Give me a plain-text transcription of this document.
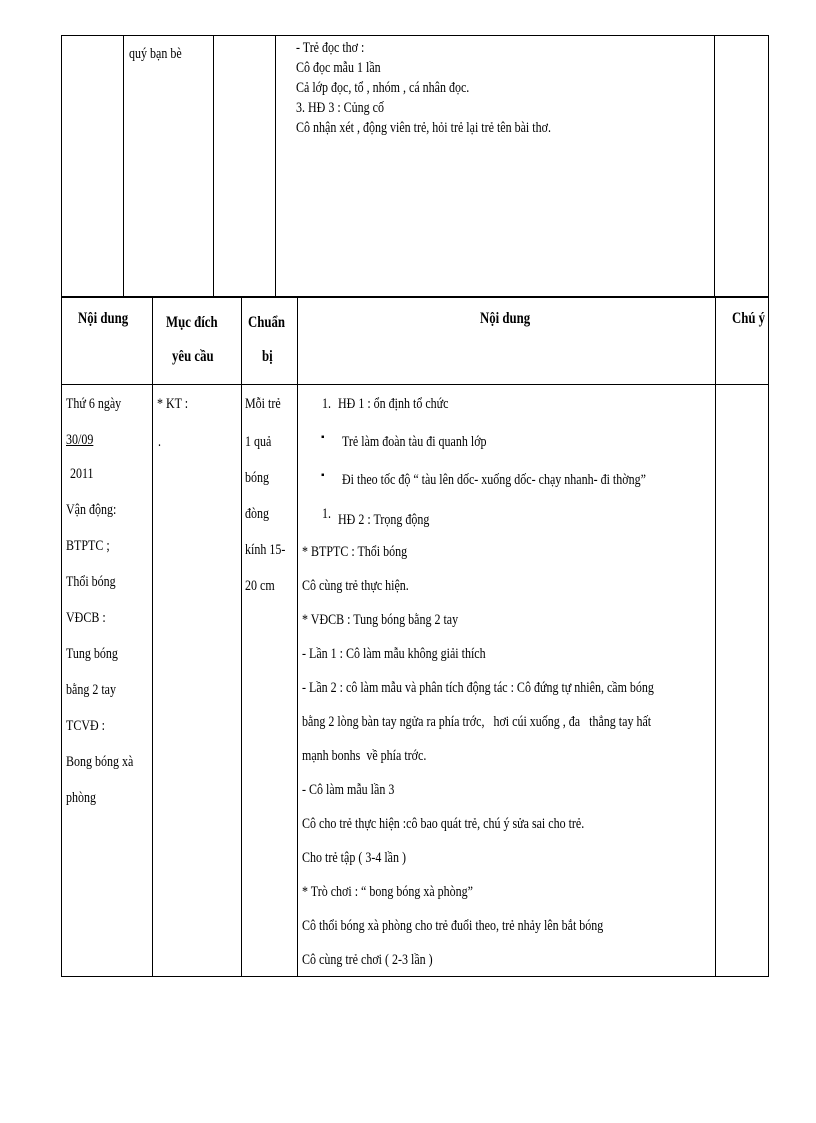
quý bạn bè	- Trẻ đọc thơ :
Cô đọc mẫu 1 lần
Cả lớp đọc, tổ , nhóm , cá nhân đọc.
3. HĐ 3 : Củng cố
Cô nhận xét , động viên trẻ, hỏi trẻ lại trẻ tên bài thơ.
Nội dung Mục đích
yêu cầu
Chuẩn
bị
Nội dung	Chú ý
Thứ 6 ngày
30/09
2011
Vận động:
BTPTC ;
Thổi bóng
VĐCB :
Tung bóng
bằng 2 tay
TCVĐ :
Bong bóng xà
phòng
* KT :
.
Mỗi trẻ
1 quả
bóng
đòng
kính 15-
20 cm
1. HĐ 1 : ổn định tổ chức
▪ Trẻ làm đoàn tàu đi quanh lớp
▪ Đi theo tốc độ “ tàu lên dốc- xuống dốc- chạy nhanh- đi thờng”
1. HĐ 2 : Trọng động
* BTPTC : Thổi bóng
Cô cùng trẻ thực hiện.
* VĐCB : Tung bóng bằng 2 tay
- Lần 1 : Cô làm mẫu không giải thích
- Lần 2 : cô làm mẫu và phân tích động tác : Cô đứng tự nhiên, cầm bóng
bằng 2 lòng bàn tay ngửa ra phía trớc,   hơi cúi xuống , đa   thẳng tay hất
mạnh bonhs  về phía trớc.
- Cô làm mẫu lần 3
Cô cho trẻ thực hiện :cô bao quát trẻ, chú ý sửa sai cho trẻ.
Cho trẻ tập ( 3-4 lần )
* Trò chơi : “ bong bóng xà phòng”
Cô thổi bóng xà phòng cho trẻ đuổi theo, trẻ nhảy lên bắt bóng
Cô cùng trẻ chơi ( 2-3 lần )
